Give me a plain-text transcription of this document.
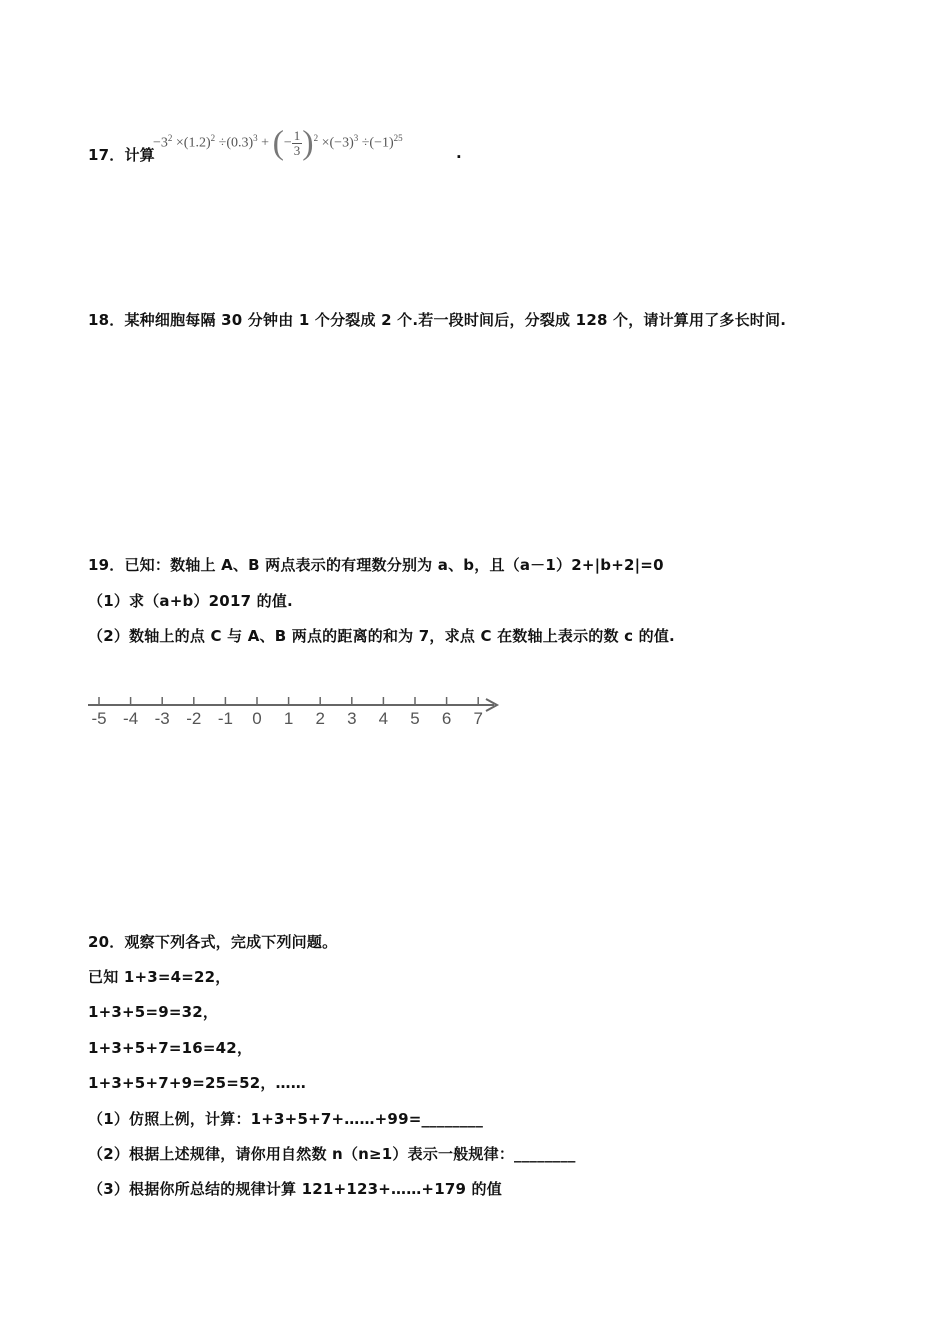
17．计算
$-3^2 \times(1.2)^2 \div(0.3)^3$ + (− $\frac{1}{3} )^2 \times(-3)^3 \div(-1)^{25}$
.
18．某种细胞每隔 30 分钟由 1 个分裂成 2 个.若一段时间后，分裂成 128 个，请计算用了多长时间.
19．已知：数轴上 A、B 两点表示的有理数分别为 a、b，且（a－1）2+|b+2|=0
（1）求（a+b）2017 的值.
（2）数轴上的点 C 与 A、B 两点的距离的和为 7，求点 C 在数轴上表示的数 c 的值.
-5 -4 -3 -2 -1 0 1 2 3 4 5 6 7
20．观察下列各式，完成下列问题。
已知 1+3=4=22，
1+3+5=9=32，
1+3+5+7=16=42，
1+3+5+7+9=25=52，……
（1）仿照上例，计算：1+3+5+7+……+99=________
（2）根据上述规律，请你用自然数 n（n≥1）表示一般规律：________
（3）根据你所总结的规律计算 121+123+……+179 的值
